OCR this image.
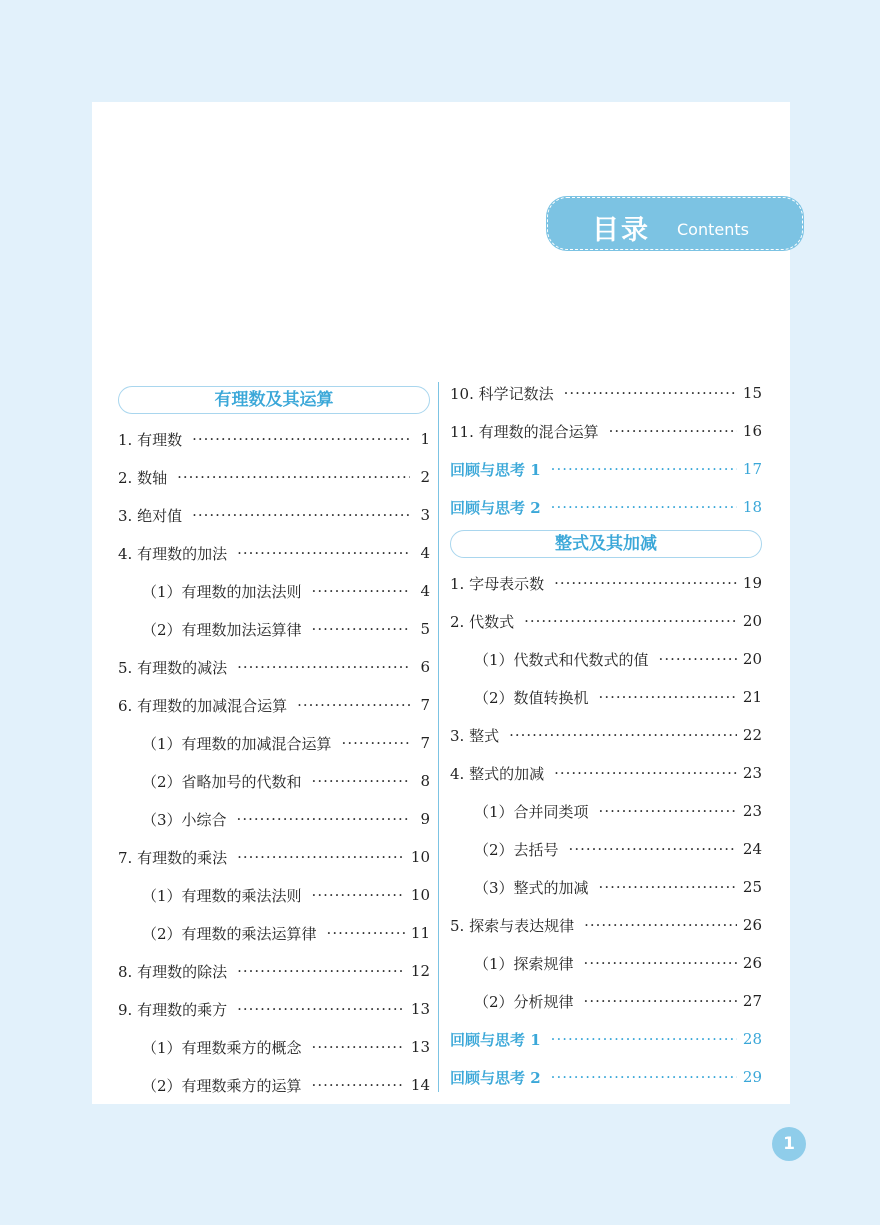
目录 Contents
有理数及其运算
1. 有理数 ·····	1
2. 数轴 ·····	2
3. 绝对值 ·····	3
4. 有理数的加法 ·····	4
（1）有理数的加法法则 ·····	4
（2）有理数加法运算律 ·····	5
5. 有理数的减法 ·····	6
6. 有理数的加减混合运算 ·····	7
（1）有理数的加减混合运算 ·····	7
（2）省略加号的代数和 ·····	8
（3）小综合 ·····	9
7. 有理数的乘法 ·····	10
（1）有理数的乘法法则 ·····	10
（2）有理数的乘法运算律 ·····	11
8. 有理数的除法 ·····	12
9. 有理数的乘方 ·····	13
（1）有理数乘方的概念 ·····	13
（2）有理数乘方的运算 ·····	14
10. 科学记数法 ·····	15
11. 有理数的混合运算 ·····	16
回顾与思考 1 ·····	17
回顾与思考 2 ·····	18
整式及其加减
1. 字母表示数 ·····	19
2. 代数式 ·····	20
（1）代数式和代数式的值 ·····	20
（2）数值转换机 ·····	21
3. 整式 ·····	22
4. 整式的加减 ·····	23
（1）合并同类项 ·····	23
（2）去括号 ·····	24
（3）整式的加减 ·····	25
5. 探索与表达规律 ·····	26
（1）探索规律 ·····	26
（2）分析规律 ·····	27
回顾与思考 1 ·····	28
回顾与思考 2 ·····	29
1
